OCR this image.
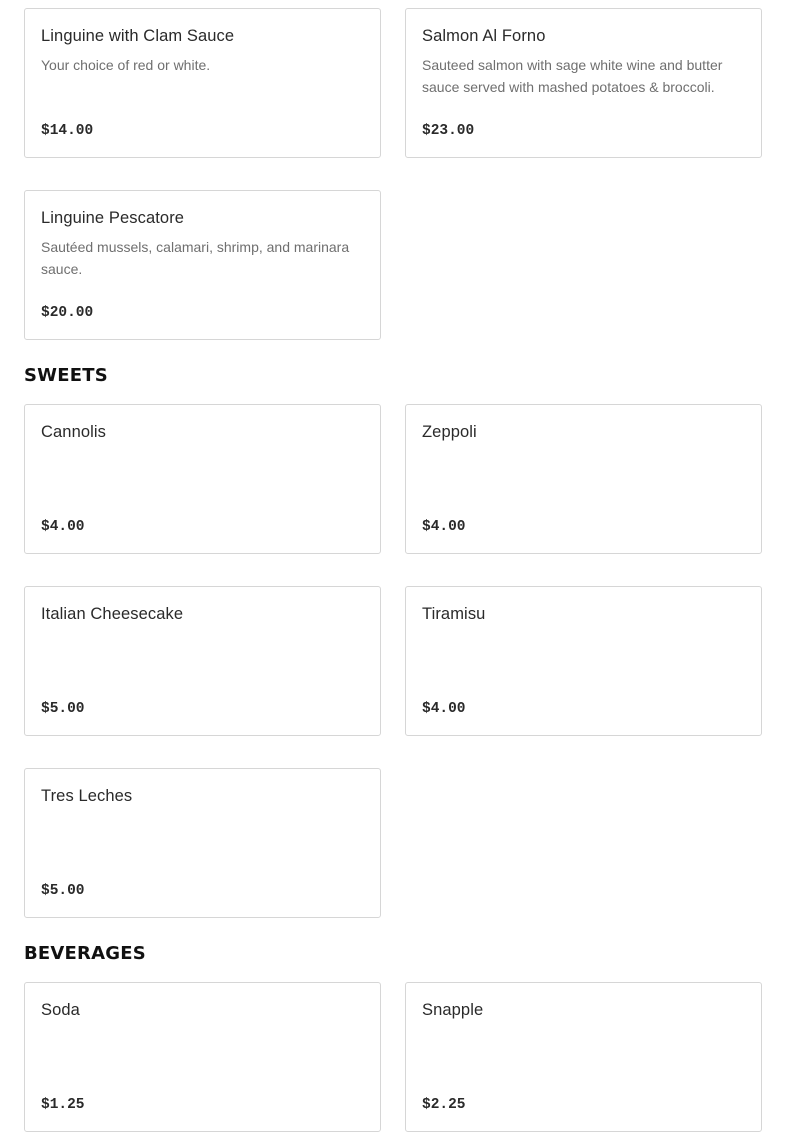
Linguine with Clam Sauce
Your choice of red or white.
$14.00
Salmon Al Forno
Sauteed salmon with sage white wine and butter sauce served with mashed potatoes & broccoli.
$23.00
Linguine Pescatore
Sautéed mussels, calamari, shrimp, and marinara sauce.
$20.00
SWEETS
Cannolis
$4.00
Zeppoli
$4.00
Italian Cheesecake
$5.00
Tiramisu
$4.00
Tres Leches
$5.00
BEVERAGES
Soda
$1.25
Snapple
$2.25
